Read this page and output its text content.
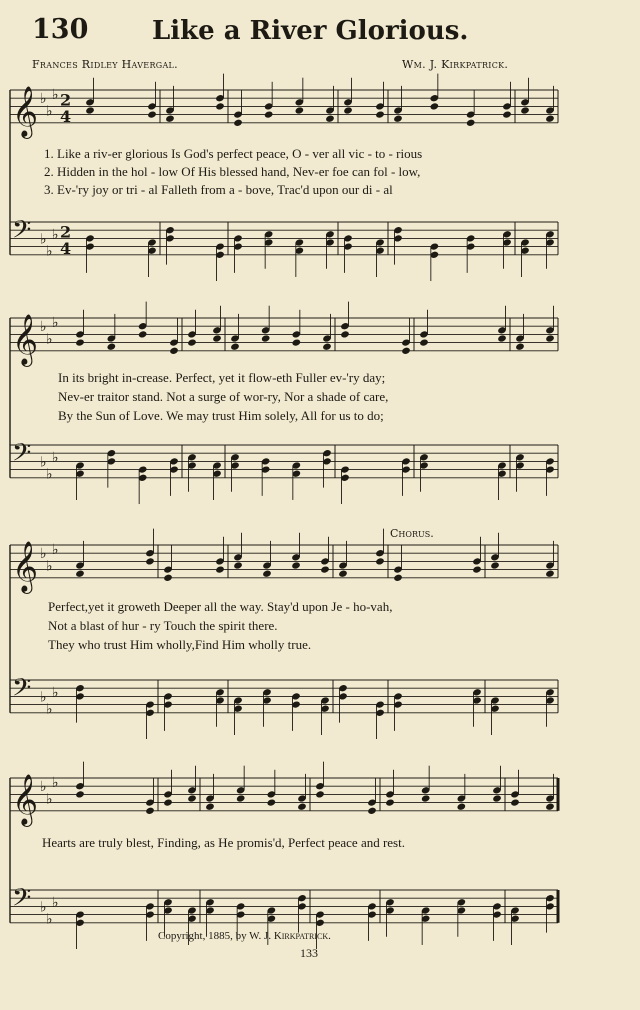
130 Like a River Glorious.
Frances Ridley Havergal.	Wm. J. Kirkpatrick.
Chorus.
𝄞 ♭
♭
♭ 2
4
𝄢 ♭
♭
♭ 2
4
𝄞 ♭
♭
♭
𝄢 ♭
♭
♭
𝄞 ♭
♭
♭
𝄢 ♭
♭
♭
𝄞 ♭
♭
♭
𝄢 ♭
♭
♭
1. Like a riv-er glorious Is God's perfect peace, O - ver all vic - to - rious
2. Hidden in the hol - low Of His blessed hand, Nev-er foe can fol - low,
3. Ev-'ry joy or tri - al Falleth from a - bove, Trac'd upon our di - al
In its bright in-crease. Perfect, yet it flow-eth Fuller ev-'ry day;
Nev-er traitor stand. Not a surge of wor-ry, Nor a shade of care,
By the Sun of Love. We may trust Him solely, All for us to do;
Perfect,yet it groweth Deeper all the way. Stay'd upon Je - ho-vah,
Not a blast of hur - ry Touch the spirit there.
They who trust Him wholly,Find Him wholly true.
Hearts are truly blest, Finding, as He promis'd, Perfect peace and rest.
Copyright, 1885, by W. J. Kirkpatrick.
133
